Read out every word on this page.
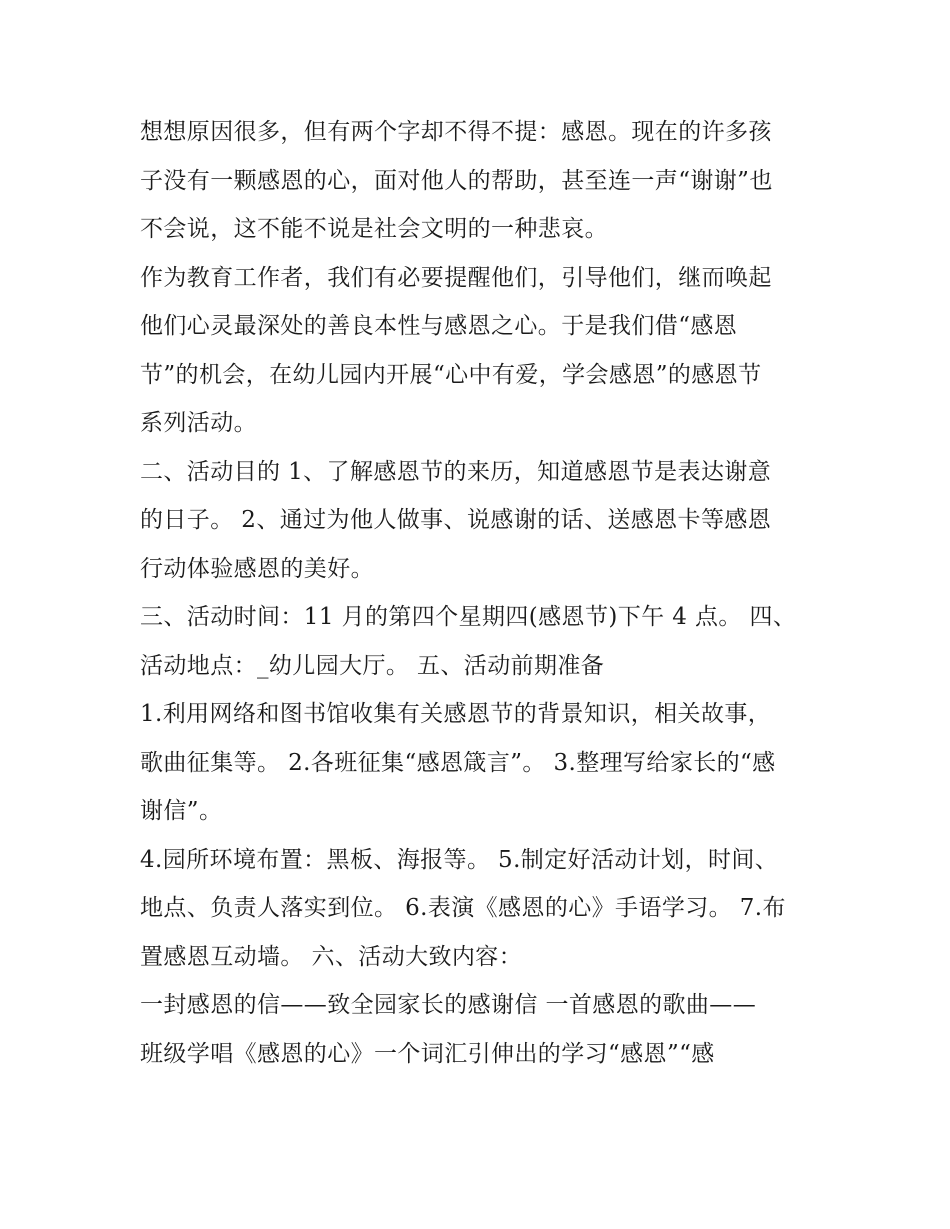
想想原因很多，但有两个字却不得不提：感恩。现在的许多孩
子没有一颗感恩的心，面对他人的帮助，甚至连一声“谢谢”也
不会说，这不能不说是社会文明的一种悲哀。
作为教育工作者，我们有必要提醒他们，引导他们，继而唤起
他们心灵最深处的善良本性与感恩之心。于是我们借“感恩
节”的机会，在幼儿园内开展“心中有爱，学会感恩”的感恩节
系列活动。
二、活动目的 1、了解感恩节的来历，知道感恩节是表达谢意
的日子。 2、通过为他人做事、说感谢的话、送感恩卡等感恩
行动体验感恩的美好。
三、活动时间：11 月的第四个星期四(感恩节)下午 4 点。 四、
活动地点：_幼儿园大厅。 五、活动前期准备
1.利用网络和图书馆收集有关感恩节的背景知识，相关故事，
歌曲征集等。 2.各班征集“感恩箴言”。 3.整理写给家长的“感
谢信”。
4.园所环境布置：黑板、海报等。 5.制定好活动计划，时间、
地点、负责人落实到位。 6.表演《感恩的心》手语学习。 7.布
置感恩互动墙。 六、活动大致内容：
一封感恩的信——致全园家长的感谢信 一首感恩的歌曲——
班级学唱《感恩的心》一个词汇引伸出的学习“感恩”“感
